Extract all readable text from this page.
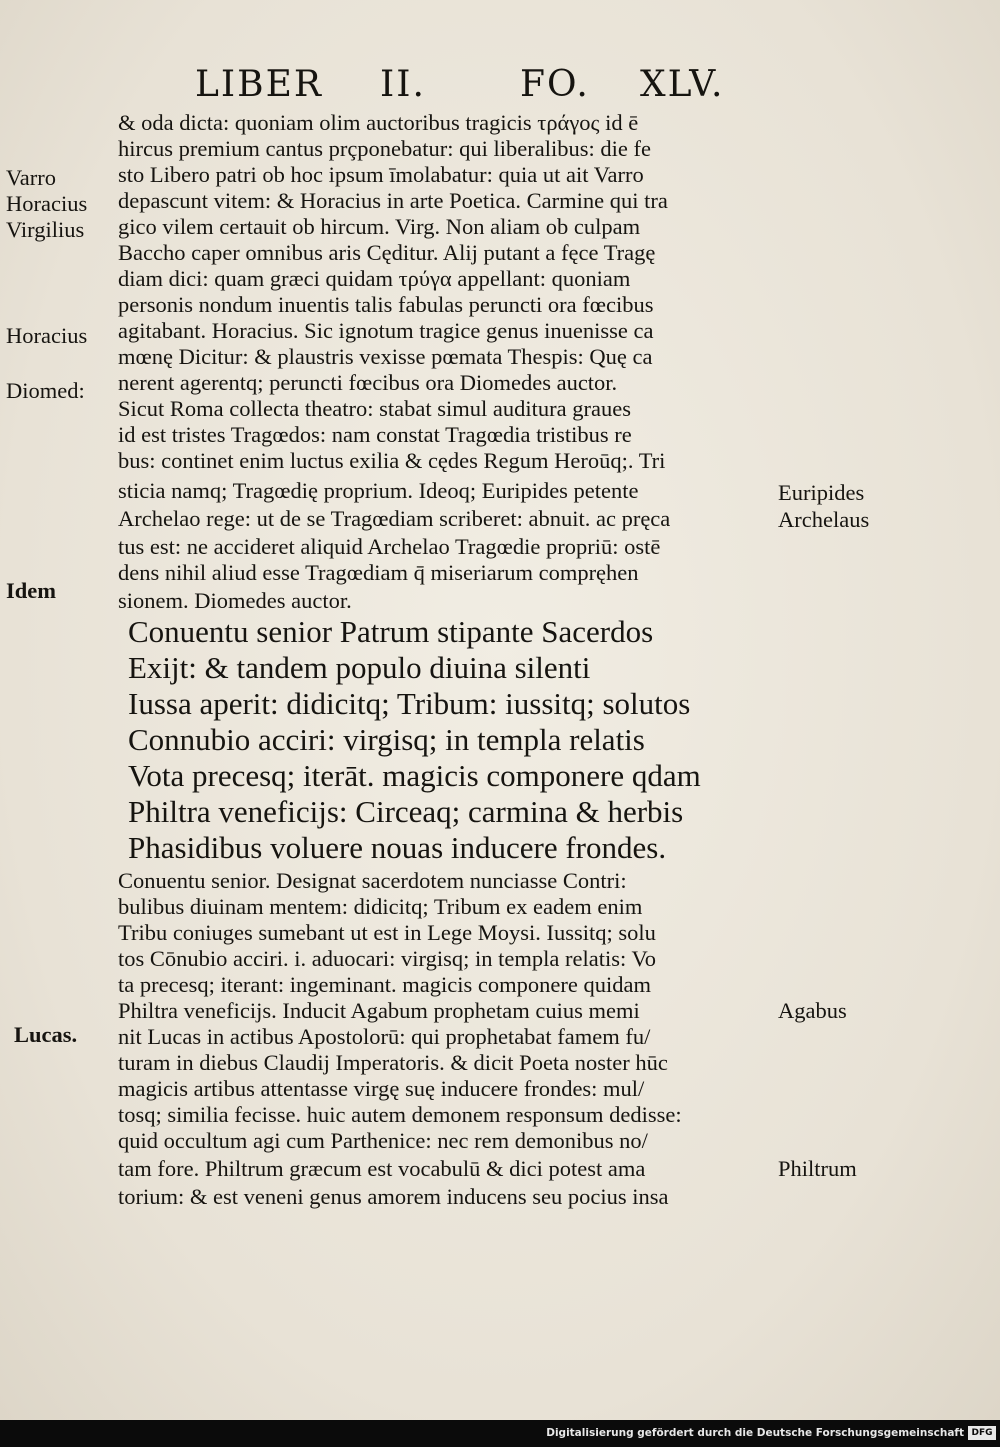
LIBER II.	FO. XLV.
& oda dicta: quoniam olim auctoribus tragicis τράγος id ē
hircus premium cantus prçponebatur: qui liberalibus: die fe
sto Libero patri ob hoc ipsum īmolabatur: quia ut ait Varro
depascunt vitem: & Horacius in arte Poetica. Carmine qui tra
gico vilem certauit ob hircum. Virg. Non aliam ob culpam
Baccho caper omnibus aris Cęditur. Alij putant a fęce Tragę
diam dici: quam græci quidam τρύγα appellant: quoniam
personis nondum inuentis talis fabulas peruncti ora fœcibus
agitabant. Horacius. Sic ignotum tragice genus inuenisse ca
mœnę Dicitur: & plaustris vexisse pœmata Thespis: Quę ca
nerent agerentq; peruncti fœcibus ora Diomedes auctor.
Sicut Roma collecta theatro: stabat simul auditura graues
id est tristes Tragœdos: nam constat Tragœdia tristibus re
bus: continet enim luctus exilia & cędes Regum Heroūq;. Tri
sticia namq; Tragœdię proprium. Ideoq; Euripides petente
Archelao rege: ut de se Tragœdiam scriberet: abnuit. ac pręca
tus est: ne accideret aliquid Archelao Tragœdie propriū: ostē
dens nihil aliud esse Tragœdiam q̄ miseriarum compręhen
sionem. Diomedes auctor.
Conuentu senior Patrum stipante Sacerdos
Exijt: & tandem populo diuina silenti
Iussa aperit: didicitq; Tribum: iussitq; solutos
Connubio acciri: virgisq; in templa relatis
Vota precesq; iterāt. magicis componere qdam
Philtra veneficijs: Circeaq; carmina & herbis
Phasidibus voluere nouas inducere frondes.
Conuentu senior. Designat sacerdotem nunciasse Contri:
bulibus diuinam mentem: didicitq; Tribum ex eadem enim
Tribu coniuges sumebant ut est in Lege Moysi. Iussitq; solu
tos Cōnubio acciri. i. aduocari: virgisq; in templa relatis: Vo
ta precesq; iterant: ingeminant. magicis componere quidam
Philtra veneficijs. Inducit Agabum prophetam cuius memi
nit Lucas in actibus Apostolorū: qui prophetabat famem fu/
turam in diebus Claudij Imperatoris. & dicit Poeta noster hūc
magicis artibus attentasse virgę suę inducere frondes: mul/
tosq; similia fecisse. huic autem demonem responsum dedisse:
quid occultum agi cum Parthenice: nec rem demonibus no/
tam fore. Philtrum græcum est vocabulū & dici potest ama
torium: & est veneni genus amorem inducens seu pocius insa
Varro
Horacius
Virgilius
Horacius
Diomed:
Idem
Lucas.
Euripides
Archelaus
Agabus
Philtrum
Digitalisierung gefördert durch die Deutsche Forschungsgemeinschaft DFG
